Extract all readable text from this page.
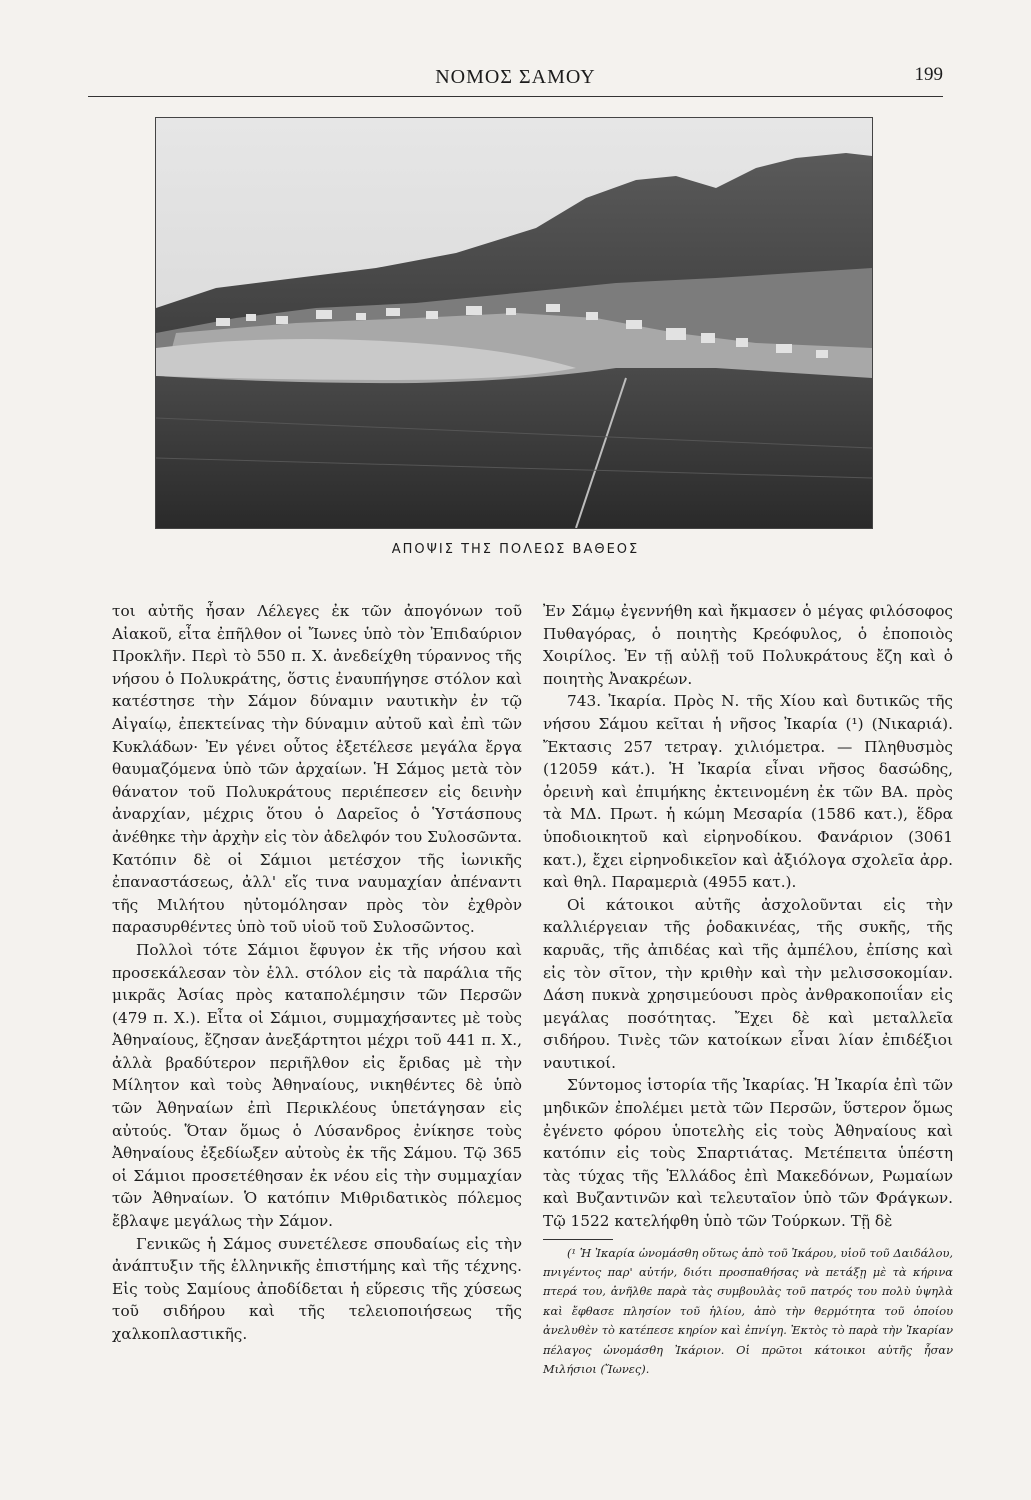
ΝΟΜΟΣ ΣΑΜΟΥ	199
ΑΠΟΨΙΣ ΤΗΣ ΠΟΛΕΩΣ ΒΑΘΕΟΣ

τοι αὐτῆς ἦσαν Λέλεγες ἐκ τῶν ἀπογόνων τοῦ Αἰακοῦ, εἶτα ἐπῆλθον οἱ Ἴωνες ὑπὸ τὸν Ἐπιδαύριον Προκλῆν. Περὶ τὸ 550 π. Χ. ἀνεδείχθη τύραννος τῆς νήσου ὁ Πολυκράτης, ὅστις ἐναυπήγησε στόλον καὶ κατέστησε τὴν Σάμον δύναμιν ναυτικὴν ἐν τῷ Αἰγαίῳ, ἐπεκτείνας τὴν δύναμιν αὐτοῦ καὶ ἐπὶ τῶν Κυκλάδων· Ἐν γένει οὗτος ἐξετέλεσε μεγάλα ἔργα θαυμαζόμενα ὑπὸ τῶν ἀρχαίων. Ἡ Σάμος μετὰ τὸν θάνατον τοῦ Πολυκράτους περιέπεσεν εἰς δεινὴν ἀναρχίαν, μέχρις ὅτου ὁ Δαρεῖος ὁ Ὑστάσπους ἀνέθηκε τὴν ἀρχὴν εἰς τὸν ἀδελφόν του Συλοσῶντα. Κατόπιν δὲ οἱ Σάμιοι μετέσχον τῆς ἰωνικῆς ἐπαναστάσεως, ἀλλ' εἴς τινα ναυμαχίαν ἀπέναντι τῆς Μιλήτου ηὐτομόλησαν πρὸς τὸν ἐχθρὸν παρασυρθέντες ὑπὸ τοῦ υἱοῦ τοῦ Συλοσῶντος.

Πολλοὶ τότε Σάμιοι ἔφυγον ἐκ τῆς νήσου καὶ προσεκάλεσαν τὸν ἑλλ. στόλον εἰς τὰ παράλια τῆς μικρᾶς Ἀσίας πρὸς καταπολέμησιν τῶν Περσῶν (479 π. Χ.). Εἶτα οἱ Σάμιοι, συμμαχήσαντες μὲ τοὺς Ἀθηναίους, ἔζησαν ἀνεξάρτητοι μέχρι τοῦ 441 π. Χ., ἀλλὰ βραδύτερον περιῆλθον εἰς ἔριδας μὲ τὴν Μίλητον καὶ τοὺς Ἀθηναίους, νικηθέντες δὲ ὑπὸ τῶν Ἀθηναίων ἐπὶ Περικλέους ὑπετάγησαν εἰς αὐτούς. Ὅταν ὅμως ὁ Λύσανδρος ἐνίκησε τοὺς Ἀθηναίους ἐξεδίωξεν αὐτοὺς ἐκ τῆς Σάμου. Τῷ 365 οἱ Σάμιοι προσετέθησαν ἐκ νέου εἰς τὴν συμμαχίαν τῶν Ἀθηναίων. Ὁ κατόπιν Μιθριδατικὸς πόλεμος ἔβλαψε μεγάλως τὴν Σάμον.

Γενικῶς ἡ Σάμος συνετέλεσε σπουδαίως εἰς τὴν ἀνάπτυξιν τῆς ἑλληνικῆς ἐπιστήμης καὶ τῆς τέχνης. Εἰς τοὺς Σαμίους ἀποδίδεται ἡ εὕρεσις τῆς χύσεως τοῦ σιδήρου καὶ τῆς τελειοποιήσεως τῆς χαλκοπλαστικῆς.

Ἐν Σάμῳ ἐγεννήθη καὶ ἤκμασεν ὁ μέγας φιλόσοφος Πυθαγόρας, ὁ ποιητὴς Κρεόφυλος, ὁ ἐποποιὸς Χοιρίλος. Ἐν τῇ αὐλῇ τοῦ Πολυκράτους ἔζη καὶ ὁ ποιητὴς Ἀνακρέων.

743. Ἰκαρία. Πρὸς Ν. τῆς Χίου καὶ δυτικῶς τῆς νήσου Σάμου κεῖται ἡ νῆσος Ἰκαρία (¹) (Νικαριά). Ἔκτασις 257 τετραγ. χιλιόμετρα. — Πληθυσμὸς (12059 κάτ.). Ἡ Ἰκαρία εἶναι νῆσος δασώδης, ὀρεινὴ καὶ ἐπιμήκης ἐκτεινομένη ἐκ τῶν ΒΑ. πρὸς τὰ ΜΔ. Πρωτ. ἡ κώμη Μεσαρία (1586 κατ.), ἕδρα ὑποδιοικητοῦ καὶ εἰρηνοδίκου. Φανάριον (3061 κατ.), ἔχει εἰρηνοδικεῖον καὶ ἀξιόλογα σχολεῖα ἀρρ. καὶ θηλ. Παραμεριὰ (4955 κατ.).

Οἱ κάτοικοι αὐτῆς ἀσχολοῦνται εἰς τὴν καλλιέργειαν τῆς ῥοδακινέας, τῆς συκῆς, τῆς καρυᾶς, τῆς ἀπιδέας καὶ τῆς ἀμπέλου, ἐπίσης καὶ εἰς τὸν σῖτον, τὴν κριθὴν καὶ τὴν μελισσοκομίαν. Δάση πυκνὰ χρησιμεύουσι πρὸς ἀνθρακοποιΐαν εἰς μεγάλας ποσότητας. Ἔχει δὲ καὶ μεταλλεῖα σιδήρου. Τινὲς τῶν κατοίκων εἶναι λίαν ἐπιδέξιοι ναυτικοί.

Σύντομος ἱστορία τῆς Ἰκαρίας. Ἡ Ἰκαρία ἐπὶ τῶν μηδικῶν ἐπολέμει μετὰ τῶν Περσῶν, ὕστερον ὅμως ἐγένετο φόρου ὑποτελὴς εἰς τοὺς Ἀθηναίους καὶ κατόπιν εἰς τοὺς Σπαρτιάτας. Μετέπειτα ὑπέστη τὰς τύχας τῆς Ἑλλάδος ἐπὶ Μακεδόνων, Ρωμαίων καὶ Βυζαντινῶν καὶ τελευταῖον ὑπὸ τῶν Φράγκων. Τῷ 1522 κατελήφθη ὑπὸ τῶν Τούρκων. Τῇ δὲ

(¹ Ἡ Ἰκαρία ὠνομάσθη οὕτως ἀπὸ τοῦ Ἰκάρου, υἱοῦ τοῦ Δαιδάλου, πνιγέντος παρ' αὐτήν, διότι προσπαθήσας νὰ πετάξῃ μὲ τὰ κήρινα πτερά του, ἀνῆλθε παρὰ τὰς συμβουλὰς τοῦ πατρός του πολὺ ὑψηλὰ καὶ ἔφθασε πλησίον τοῦ ἡλίου, ἀπὸ τὴν θερμότητα τοῦ ὁποίου ἀνελυθὲν τὸ κατέπεσε κηρίον καὶ ἐπνίγη. Ἐκτὸς τὸ παρὰ τὴν Ἰκαρίαν πέλαγος ὠνομάσθη Ἰκάριον. Οἱ πρῶτοι κάτοικοι αὐτῆς ἦσαν Μιλήσιοι (Ἴωνες).
